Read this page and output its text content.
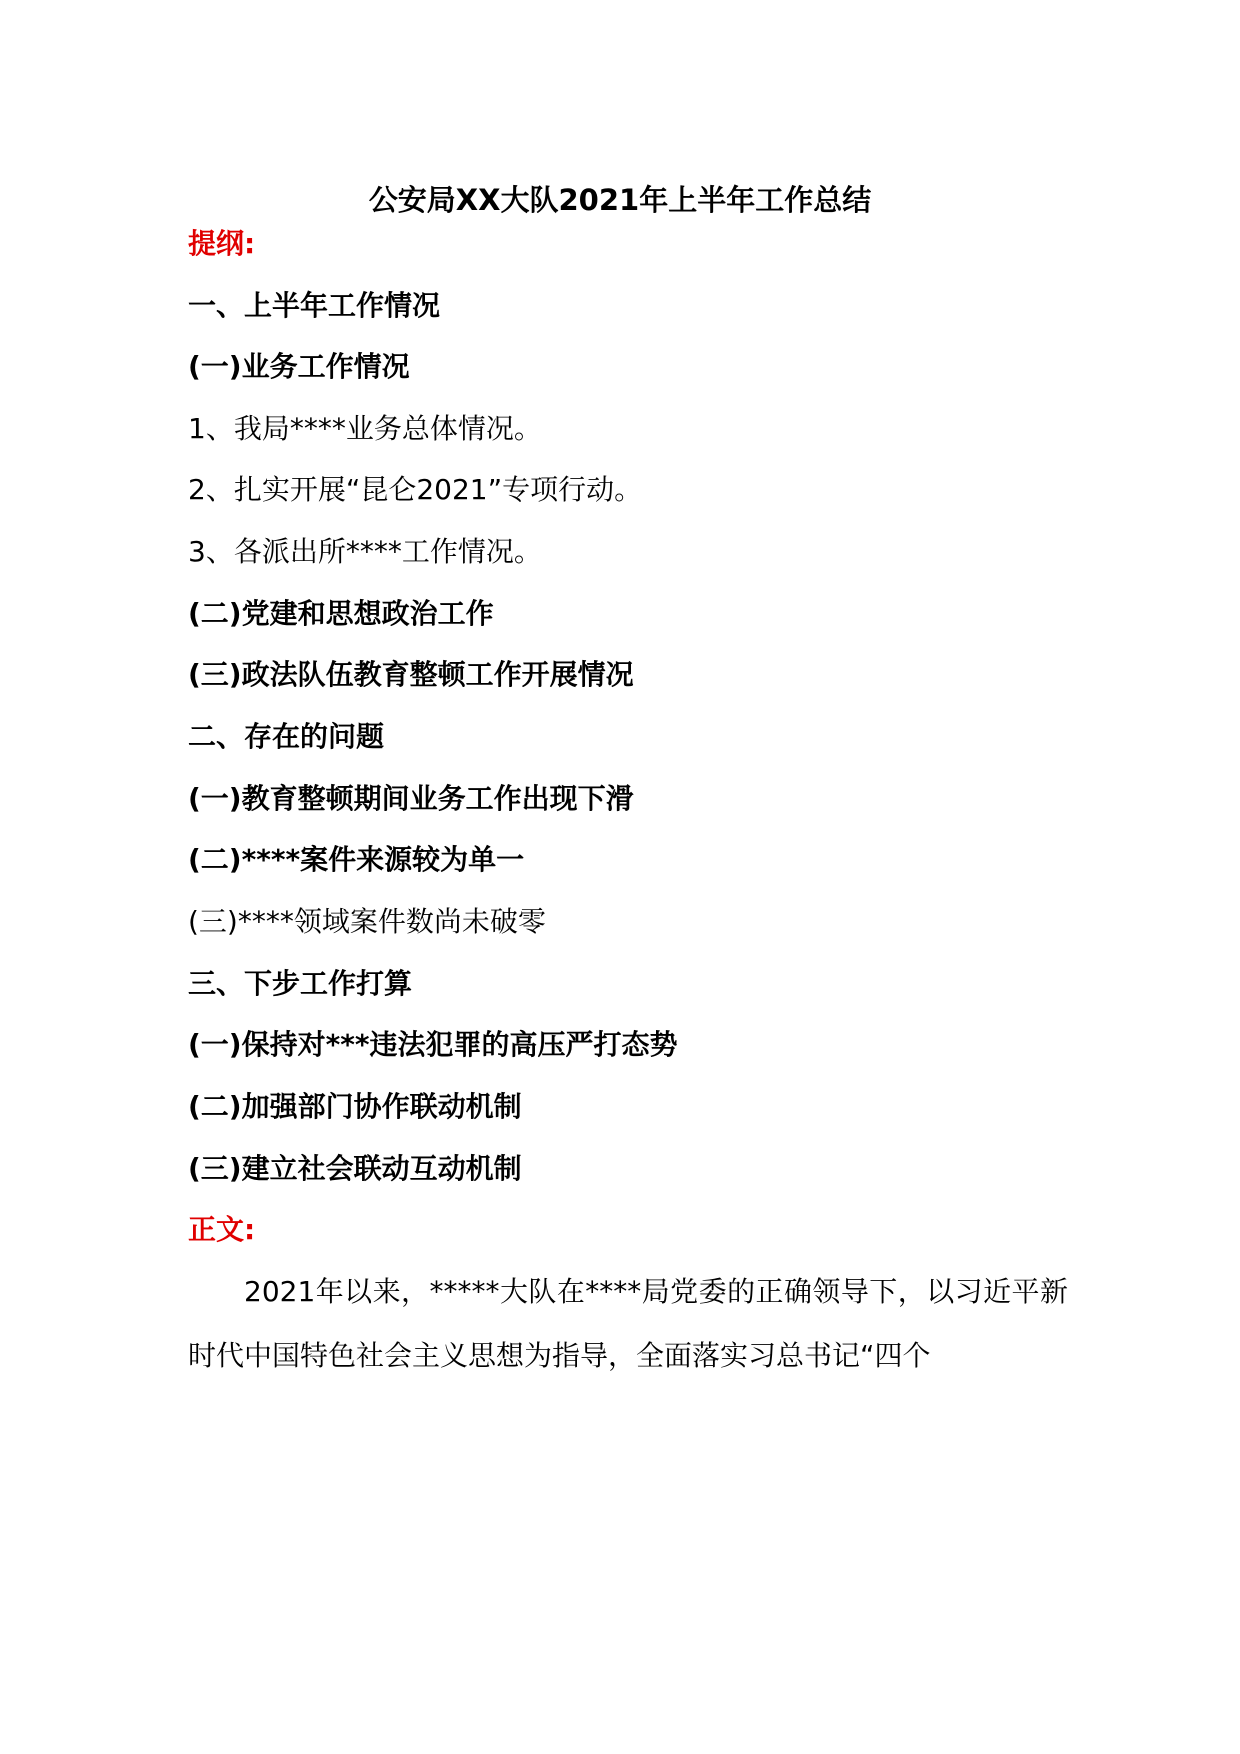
公安局XX大队2021年上半年工作总结
提纲:
一、上半年工作情况
(一)业务工作情况
1、我局****业务总体情况。
2、扎实开展“昆仑2021”专项行动。
3、各派出所****工作情况。
(二)党建和思想政治工作
(三)政法队伍教育整顿工作开展情况
二、存在的问题
(一)教育整顿期间业务工作出现下滑
(二)****案件来源较为单一
(三)****领域案件数尚未破零
三、下步工作打算
(一)保持对***违法犯罪的高压严打态势
(二)加强部门协作联动机制
(三)建立社会联动互动机制
正文:
2021年以来，*****大队在****局党委的正确领导下，以习近平新时代中国特色社会主义思想为指导，全面落实习总书记“四个
